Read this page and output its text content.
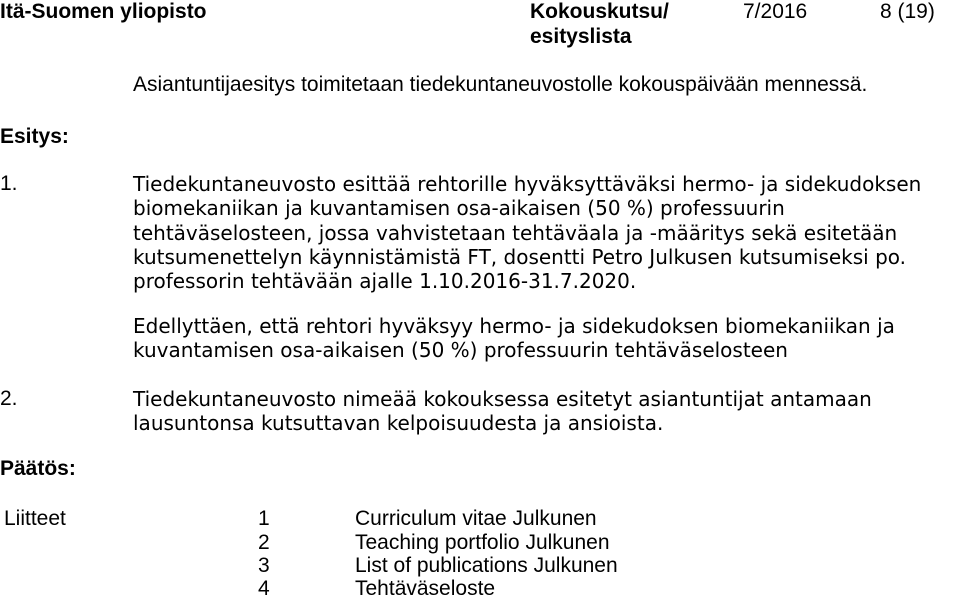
Itä-Suomen yliopisto	Kokouskutsu/
esityslista
7/2016	8 (19)
Asiantuntijaesitys toimitetaan tiedekuntaneuvostolle kokouspäivään mennessä.
Esitys:
1.	Tiedekuntaneuvosto esittää rehtorille hyväksyttäväksi hermo- ja sidekudoksen
biomekaniikan ja kuvantamisen osa-aikaisen (50 %) professuurin
tehtäväselosteen, jossa vahvistetaan tehtäväala ja -määritys sekä esitetään
kutsumenettelyn käynnistämistä FT, dosentti Petro Julkusen kutsumiseksi po.
professorin tehtävään ajalle 1.10.2016-31.7.2020.
Edellyttäen, että rehtori hyväksyy hermo- ja sidekudoksen biomekaniikan ja
kuvantamisen osa-aikaisen (50 %) professuurin tehtäväselosteen
2.	Tiedekuntaneuvosto nimeää kokouksessa esitetyt asiantuntijat antamaan
lausuntonsa kutsuttavan kelpoisuudesta ja ansioista.
Päätös:
Liitteet	1	Curriculum vitae Julkunen
2	Teaching portfolio Julkunen
3	List of publications Julkunen
4	Tehtäväseloste
